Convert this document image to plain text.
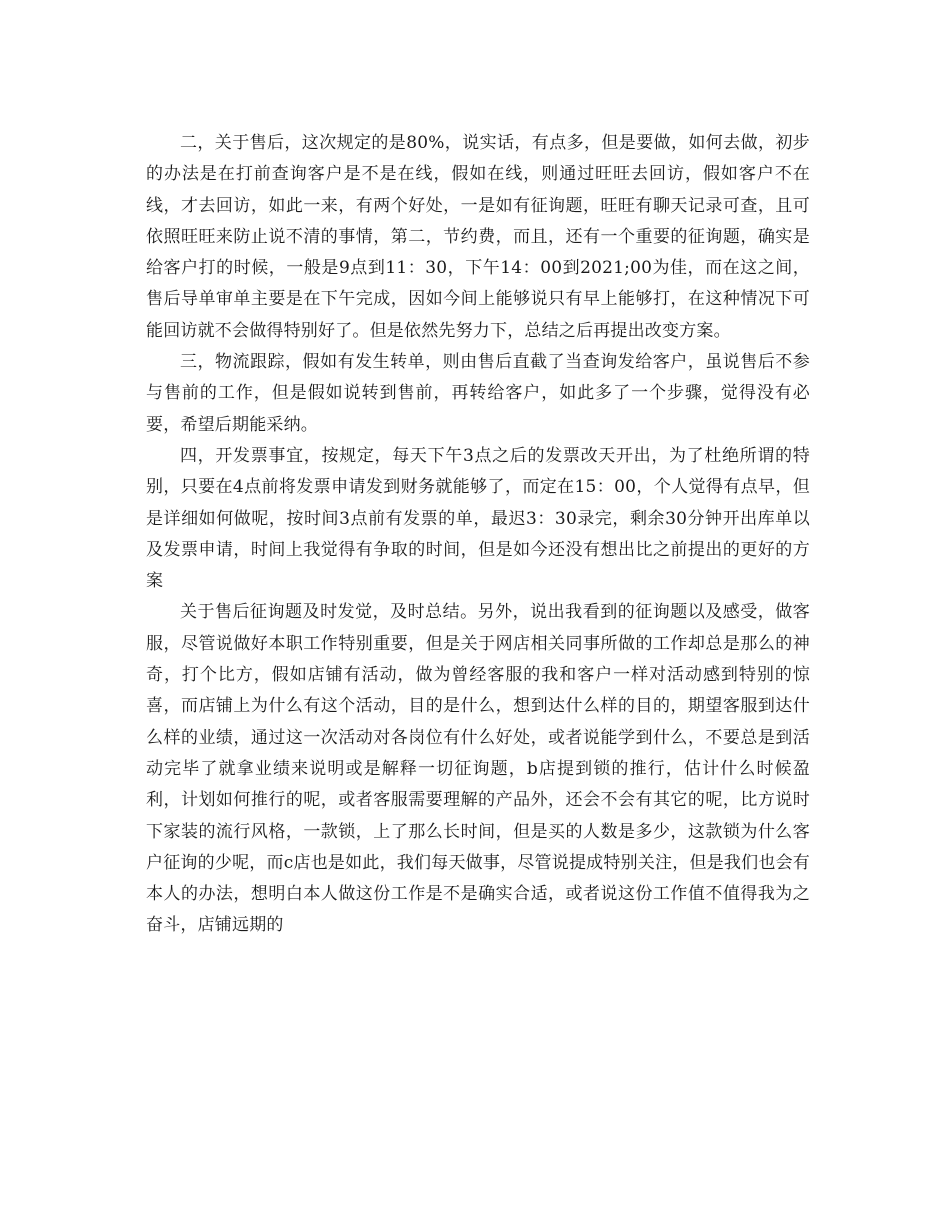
二，关于售后，这次规定的是80%，说实话，有点多，但是要做，如何去做，初步的办法是在打前查询客户是不是在线，假如在线，则通过旺旺去回访，假如客户不在线，才去回访，如此一来，有两个好处，一是如有征询题，旺旺有聊天记录可查，且可依照旺旺来防止说不清的事情，第二，节约费，而且，还有一个重要的征询题，确实是给客户打的时候，一般是9点到11：30，下午14：00到2021;00为佳，而在这之间，售后导单审单主要是在下午完成，因如今间上能够说只有早上能够打，在这种情况下可能回访就不会做得特别好了。但是依然先努力下，总结之后再提出改变方案。

三，物流跟踪，假如有发生转单，则由售后直截了当查询发给客户，虽说售后不参与售前的工作，但是假如说转到售前，再转给客户，如此多了一个步骤，觉得没有必要，希望后期能采纳。

四，开发票事宜，按规定，每天下午3点之后的发票改天开出，为了杜绝所谓的特别，只要在4点前将发票申请发到财务就能够了，而定在15：00，个人觉得有点早，但是详细如何做呢，按时间3点前有发票的单，最迟3：30录完，剩余30分钟开出库单以及发票申请，时间上我觉得有争取的时间，但是如今还没有想出比之前提出的更好的方案

关于售后征询题及时发觉，及时总结。另外，说出我看到的征询题以及感受，做客服，尽管说做好本职工作特别重要，但是关于网店相关同事所做的工作却总是那么的神奇，打个比方，假如店铺有活动，做为曾经客服的我和客户一样对活动感到特别的惊喜，而店铺上为什么有这个活动，目的是什么，想到达什么样的目的，期望客服到达什么样的业绩，通过这一次活动对各岗位有什么好处，或者说能学到什么，不要总是到活动完毕了就拿业绩来说明或是解释一切征询题，b店提到锁的推行，估计什么时候盈利，计划如何推行的呢，或者客服需要理解的产品外，还会不会有其它的呢，比方说时下家装的流行风格，一款锁，上了那么长时间，但是买的人数是多少，这款锁为什么客户征询的少呢，而c店也是如此，我们每天做事，尽管说提成特别关注，但是我们也会有本人的办法，想明白本人做这份工作是不是确实合适，或者说这份工作值不值得我为之奋斗，店铺远期的
